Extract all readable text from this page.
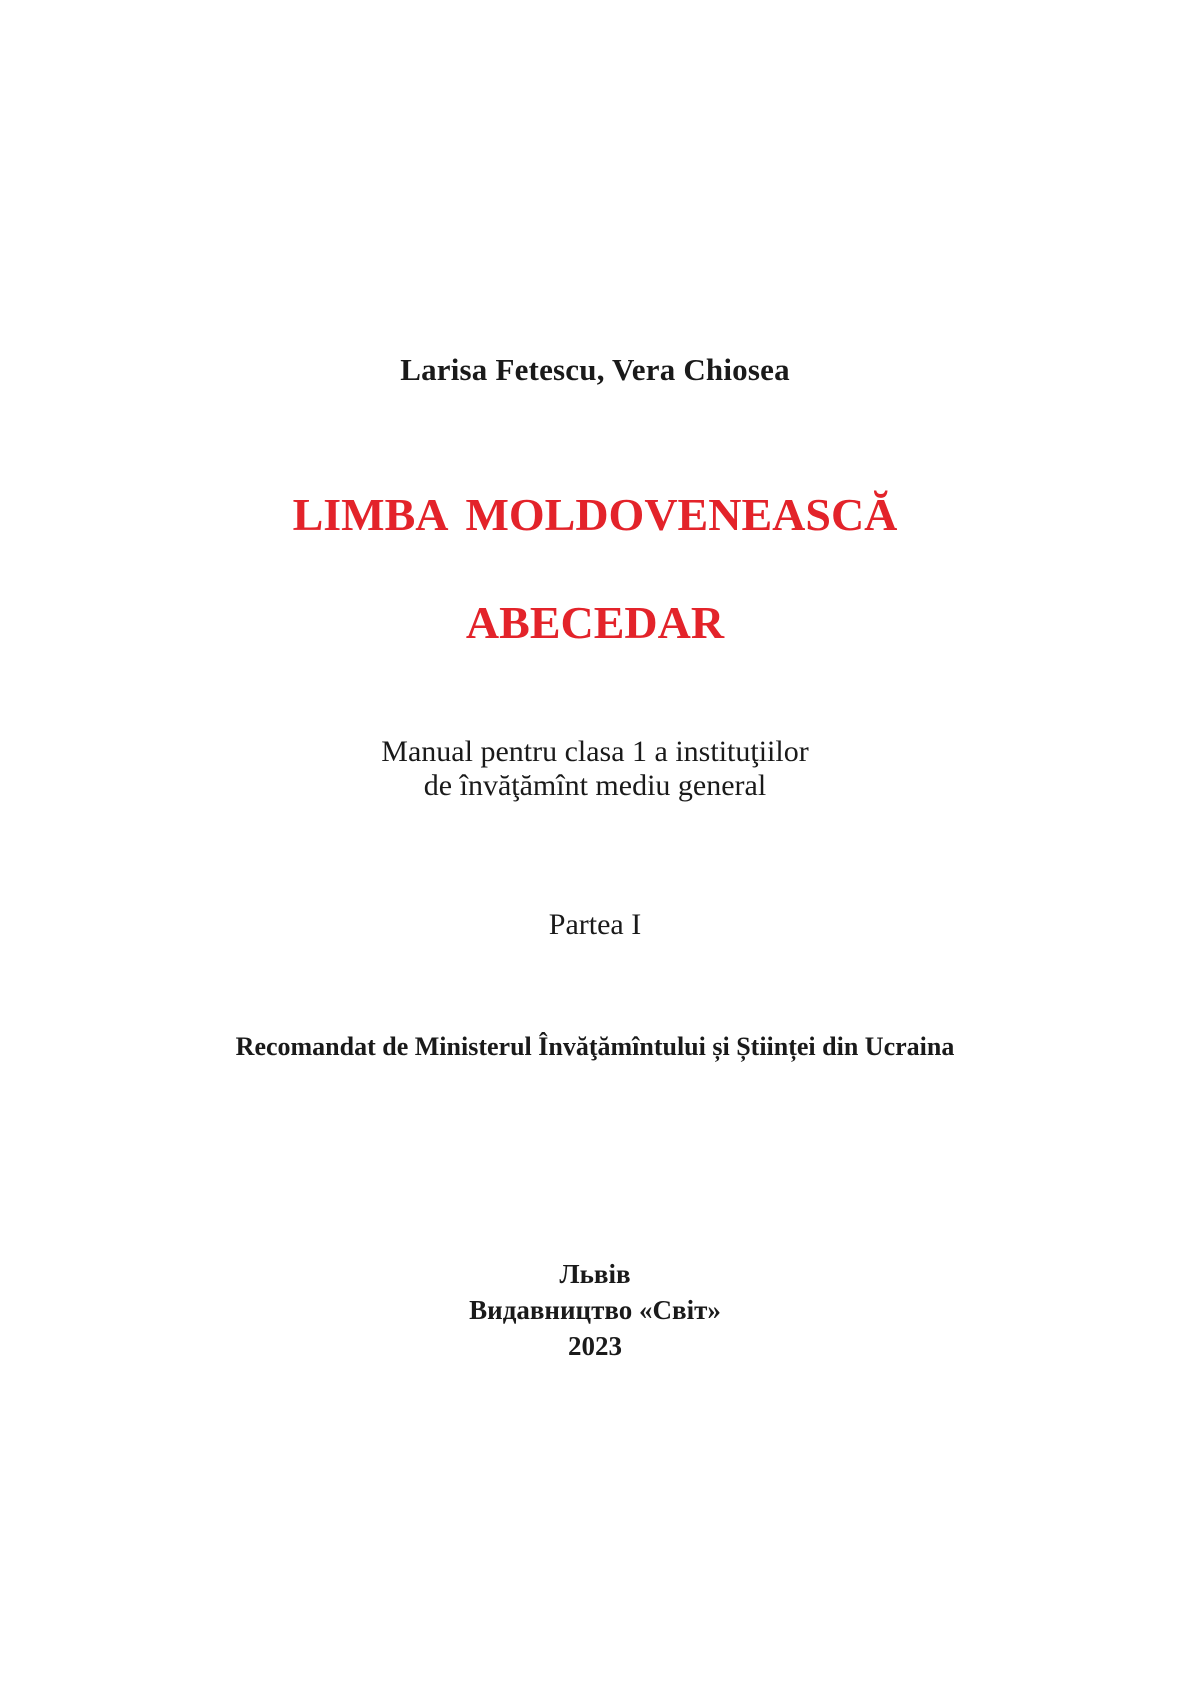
Larisa Fetescu, Vera Chiosea
LIMBA MOLDOVENEASCĂ
ABECEDAR
Manual pentru clasa 1 a instituţiilor
de învăţămînt mediu general
Partea I
Recomandat de Ministerul Învăţămîntului și Științei din Ucraina
Львів
Видавництво «Світ»
2023
